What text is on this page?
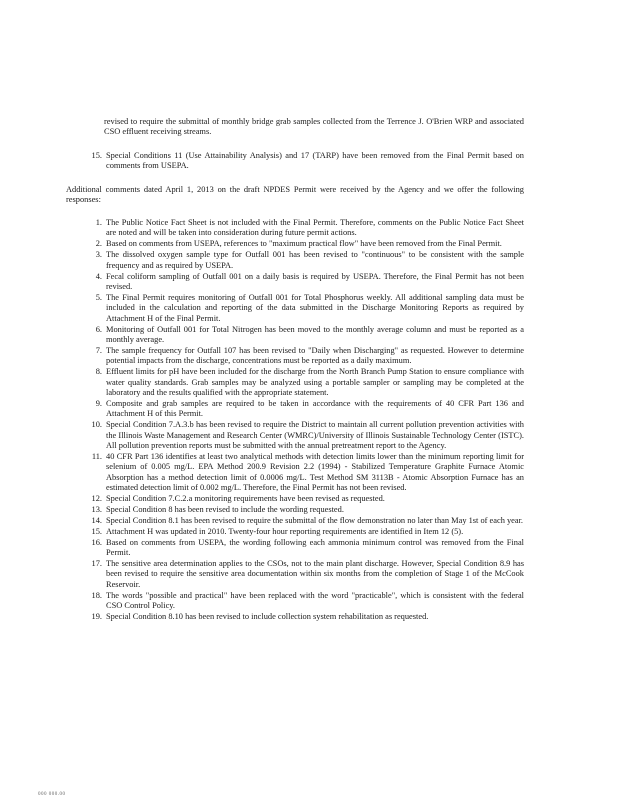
revised to require the submittal of monthly bridge grab samples collected from the Terrence J. O'Brien WRP and associated CSO effluent receiving streams.
15. Special Conditions 11 (Use Attainability Analysis) and 17 (TARP) have been removed from the Final Permit based on comments from USEPA.
Additional comments dated April 1, 2013 on the draft NPDES Permit were received by the Agency and we offer the following responses:
1. The Public Notice Fact Sheet is not included with the Final Permit. Therefore, comments on the Public Notice Fact Sheet are noted and will be taken into consideration during future permit actions.
2. Based on comments from USEPA, references to "maximum practical flow" have been removed from the Final Permit.
3. The dissolved oxygen sample type for Outfall 001 has been revised to "continuous" to be consistent with the sample frequency and as required by USEPA.
4. Fecal coliform sampling of Outfall 001 on a daily basis is required by USEPA. Therefore, the Final Permit has not been revised.
5. The Final Permit requires monitoring of Outfall 001 for Total Phosphorus weekly. All additional sampling data must be included in the calculation and reporting of the data submitted in the Discharge Monitoring Reports as required by Attachment H of the Final Permit.
6. Monitoring of Outfall 001 for Total Nitrogen has been moved to the monthly average column and must be reported as a monthly average.
7. The sample frequency for Outfall 107 has been revised to "Daily when Discharging" as requested. However to determine potential impacts from the discharge, concentrations must be reported as a daily maximum.
8. Effluent limits for pH have been included for the discharge from the North Branch Pump Station to ensure compliance with water quality standards. Grab samples may be analyzed using a portable sampler or sampling may be completed at the laboratory and the results qualified with the appropriate statement.
9. Composite and grab samples are required to be taken in accordance with the requirements of 40 CFR Part 136 and Attachment H of this Permit.
10. Special Condition 7.A.3.b has been revised to require the District to maintain all current pollution prevention activities with the Illinois Waste Management and Research Center (WMRC)/University of Illinois Sustainable Technology Center (ISTC). All pollution prevention reports must be submitted with the annual pretreatment report to the Agency.
11. 40 CFR Part 136 identifies at least two analytical methods with detection limits lower than the minimum reporting limit for selenium of 0.005 mg/L. EPA Method 200.9 Revision 2.2 (1994) - Stabilized Temperature Graphite Furnace Atomic Absorption has a method detection limit of 0.0006 mg/L. Test Method SM 3113B - Atomic Absorption Furnace has an estimated detection limit of 0.002 mg/L. Therefore, the Final Permit has not been revised.
12. Special Condition 7.C.2.a monitoring requirements have been revised as requested.
13. Special Condition 8 has been revised to include the wording requested.
14. Special Condition 8.1 has been revised to require the submittal of the flow demonstration no later than May 1st of each year.
15. Attachment H was updated in 2010. Twenty-four hour reporting requirements are identified in Item 12 (5).
16. Based on comments from USEPA, the wording following each ammonia minimum control was removed from the Final Permit.
17. The sensitive area determination applies to the CSOs, not to the main plant discharge. However, Special Condition 8.9 has been revised to require the sensitive area documentation within six months from the completion of Stage 1 of the McCook Reservoir.
18. The words "possible and practical" have been replaced with the word "practicable", which is consistent with the federal CSO Control Policy.
19. Special Condition 8.10 has been revised to include collection system rehabilitation as requested.
000 000.00
